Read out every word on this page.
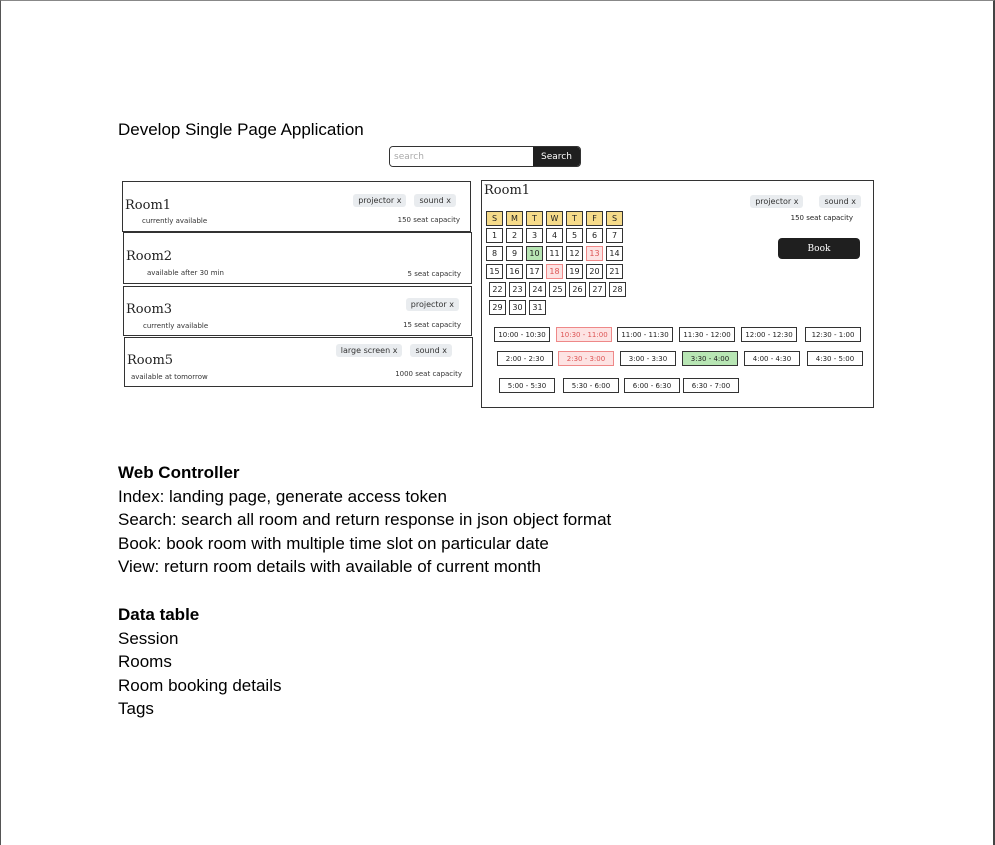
Develop Single Page Application
search
Search
Room1
currently available	150 seat capacity
projector x	sound x
Room2
available after 30 min	5 seat capacity
Room3
currently available	15 seat capacity
projector x
Room5
available at tomorrow	1000 seat capacity
large screen x	sound x
Room1
projector x	sound x
150 seat capacity
Book
S	M	T	W	T	F	S
1	2	3	4	5	6	7
8	9	10	11	12	13	14
15	16	17	18	19	20	21
22	23	24	25	26	27	28
29	30	31
10:00 - 10:30	10:30 - 11:00	11:00 - 11:30	11:30 - 12:00	12:00 - 12:30	12:30 - 1:00
2:00 - 2:30	2:30 - 3:00	3:00 - 3:30	3:30 - 4:00	4:00 - 4:30	4:30 - 5:00
5:00 - 5:30	5:30 - 6:00	6:00 - 6:30	6:30 - 7:00
Web Controller
Index: landing page, generate access token
Search: search all room and return response in json object format
Book: book room with multiple time slot on particular date
View: return room details with available of current month
Data table
Session
Rooms
Room booking details
Tags
